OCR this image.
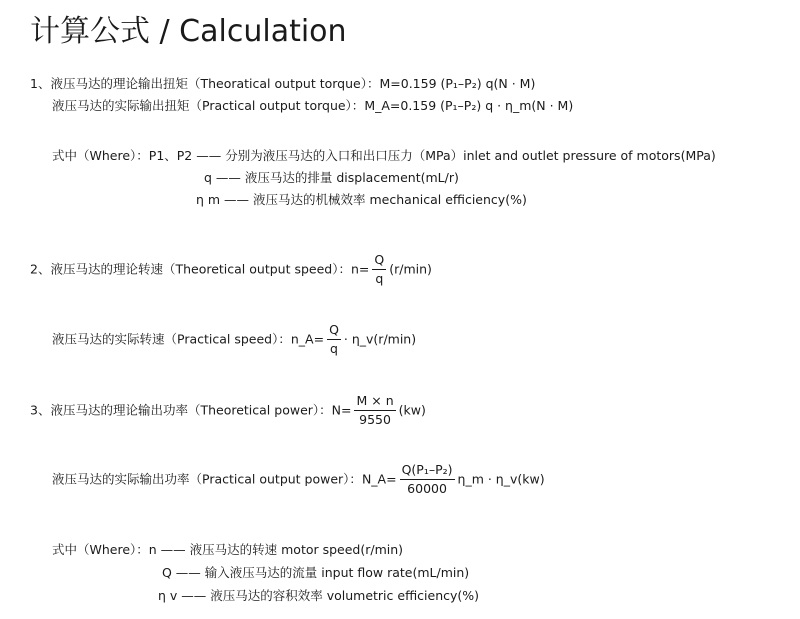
计算公式 / Calculation
1、液压马达的理论输出扭矩（Theoratical output torque）：M=0.159 (P₁–P₂) q(N · M)
液压马达的实际输出扭矩（Practical output torque）：M_A=0.159 (P₁–P₂) q · η_m(N · M)
式中（Where）：P1、P2 —— 分别为液压马达的入口和出口压力（MPa）inlet and outlet pressure of motors(MPa)
q —— 液压马达的排量 displacement(mL/r)
η m —— 液压马达的机械效率 mechanical efficiency(%)
2、液压马达的理论转速（Theoretical output speed）：$n= \frac{Q}{q} (r/\min)$
液压马达的实际转速（Practical speed）：n_A= $\frac{Q}{q}$ · η_v(r/min)
3、液压马达的理论输出功率（Theoretical power）：$N= \frac{M \times n}{9550} (kw)$
液压马达的实际输出功率（Practical output power）：N_A= $\frac{\text{Q(P₁–P₂)}}{60000}$ η_m · η_v(kw)
式中（Where）：n —— 液压马达的转速 motor speed(r/min)
Q —— 输入液压马达的流量 input flow rate(mL/min)
η v —— 液压马达的容积效率 volumetric efficiency(%)
